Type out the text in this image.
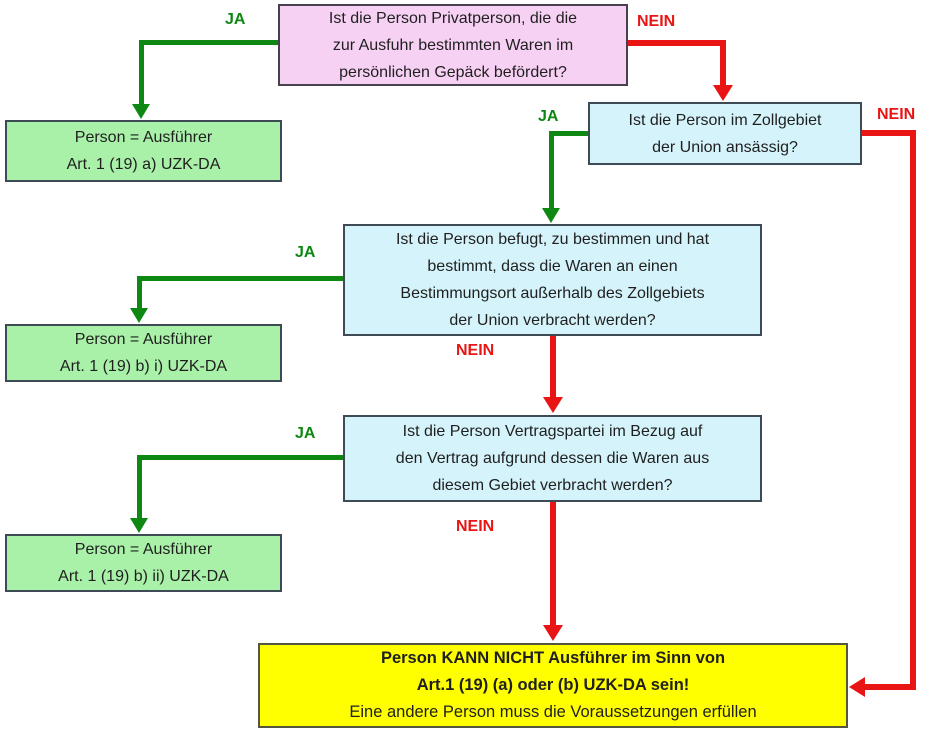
Ist die Person Privatperson, die die
zur Ausfuhr bestimmten Waren im
persönlichen Gepäck befördert?
Person = Ausführer
Art. 1 (19) a) UZK-DA
Ist die Person im Zollgebiet
der Union ansässig?
Ist die Person befugt, zu bestimmen und hat
bestimmt, dass die Waren an einen
Bestimmungsort außerhalb des Zollgebiets
der Union verbracht werden?
Person = Ausführer
Art. 1 (19) b) i) UZK-DA
Ist die Person Vertragspartei im Bezug auf
den Vertrag aufgrund dessen die Waren aus
diesem Gebiet verbracht werden?
Person = Ausführer
Art. 1 (19) b) ii) UZK-DA
Person KANN NICHT Ausführer im Sinn von
Art.1 (19) (a) oder (b) UZK-DA sein!
Eine andere Person muss die Voraussetzungen erfüllen
JA	NEIN
JA	NEIN
JA
NEIN
JA
NEIN
